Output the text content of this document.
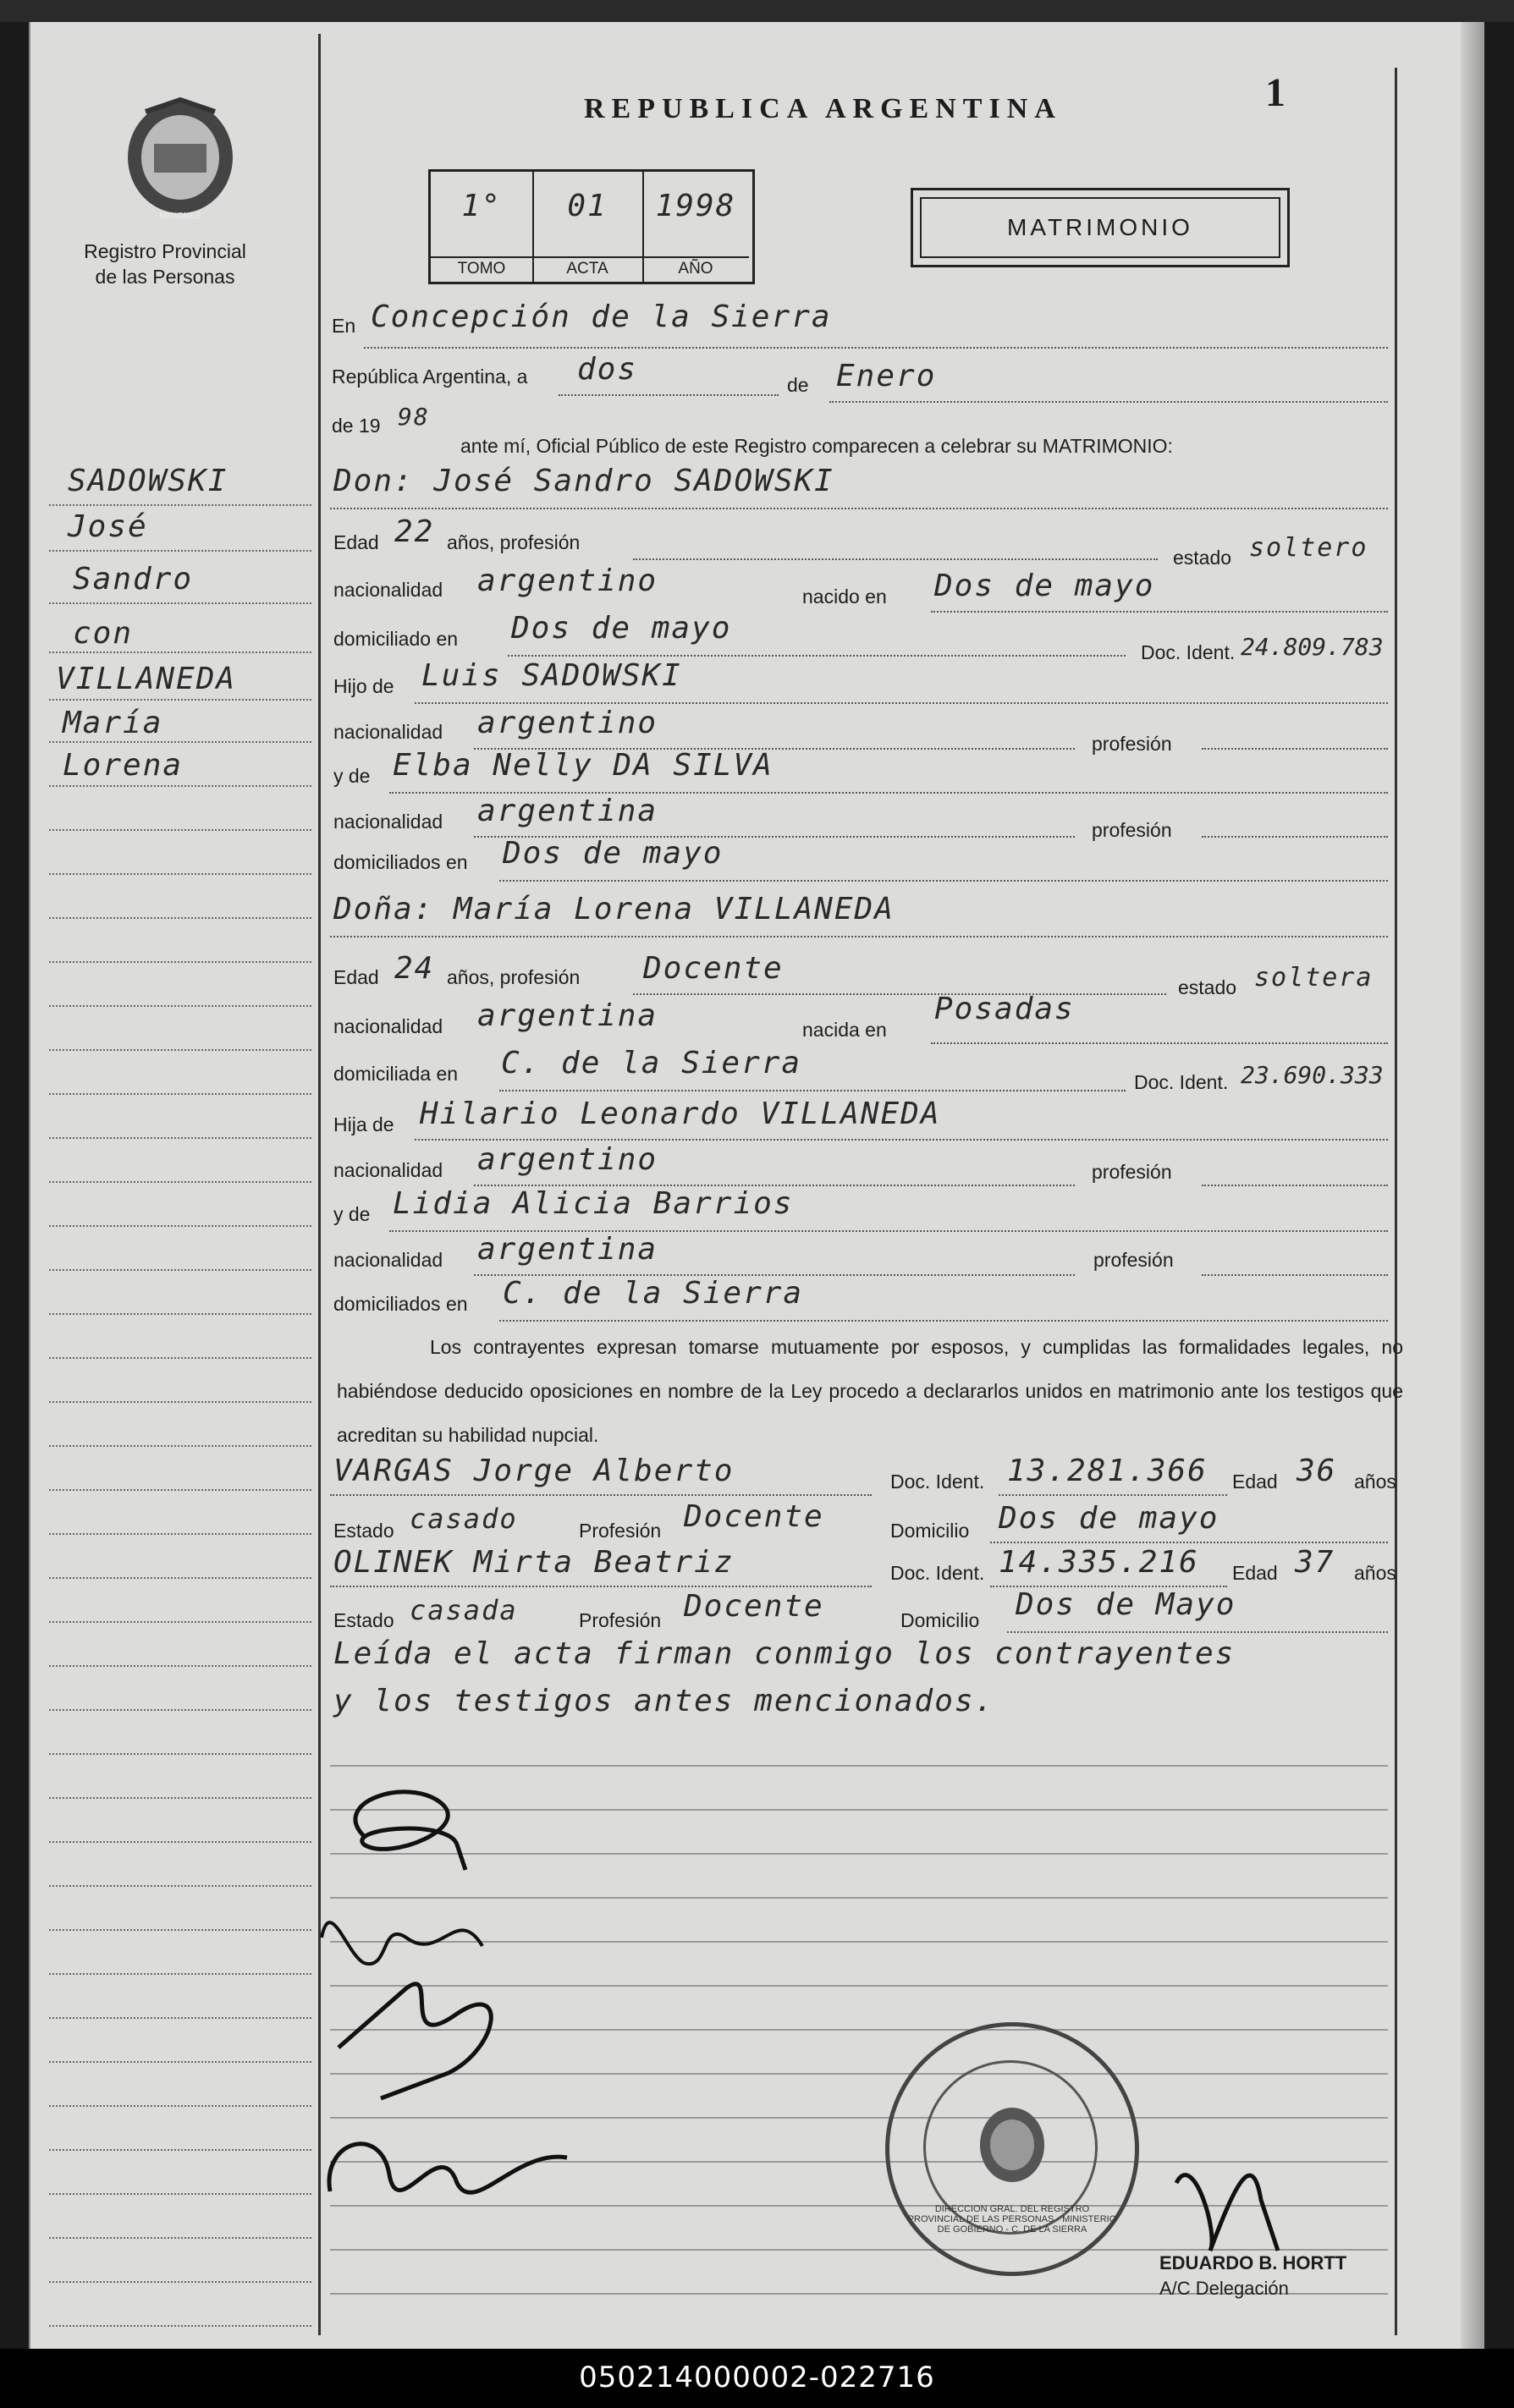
REPUBLICA ARGENTINA	1
MISIONES
Registro Provincial
de las Personas
1°
TOMO
01
ACTA
1998
AÑO
MATRIMONIO
SADOWSKI
José
Sandro
con
VILLANEDA
María
Lorena
En Concepción de la Sierra
República Argentina, a dos	de Enero
de 19 98
ante mí, Oficial Público de este Registro comparecen a celebrar su MATRIMONIO:
Don: José Sandro SADOWSKI
Edad 22 años, profesión
estado soltero
nacionalidad argentino	nacido en Dos de mayo
domiciliado en Dos de mayo
Doc. Ident. 24.809.783
Hijo de Luis SADOWSKI
nacionalidad argentino
profesión
y de Elba Nelly DA SILVA
nacionalidad argentina
profesión
domiciliados en Dos de mayo
Doña: María Lorena VILLANEDA
Edad 24 años, profesión Docente
estado soltera
nacionalidad argentina	nacida en
Posadas
domiciliada en C. de la Sierra
Doc. Ident. 23.690.333
Hija de Hilario Leonardo VILLANEDA
nacionalidad argentino	profesión
y de Lidia Alicia Barrios
nacionalidad argentina	profesión
domiciliados en C. de la Sierra
Los contrayentes expresan tomarse mutuamente por esposos, y cumplidas las formalidades legales, no habiéndose deducido oposiciones en nombre de la Ley procedo a declararlos unidos en matrimonio ante los testigos que acreditan su habilidad nupcial.
VARGAS Jorge Alberto	Doc. Ident. 13.281.366 Edad 36 años
Estado casado	Profesión Docente	Domicilio Dos de mayo
OLINEK Mirta Beatriz	Doc. Ident. 14.335.216 Edad 37 años
Estado casada	Profesión Docente	Domicilio Dos de Mayo
Leída el acta firman conmigo los contrayentes
y los testigos antes mencionados.
DIRECCION GRAL. DEL REGISTRO PROVINCIAL DE LAS PERSONAS - MINISTERIO DE GOBIERNO - C. DE LA SIERRA
EDUARDO B. HORTT
A/C Delegación
050214000002-022716
